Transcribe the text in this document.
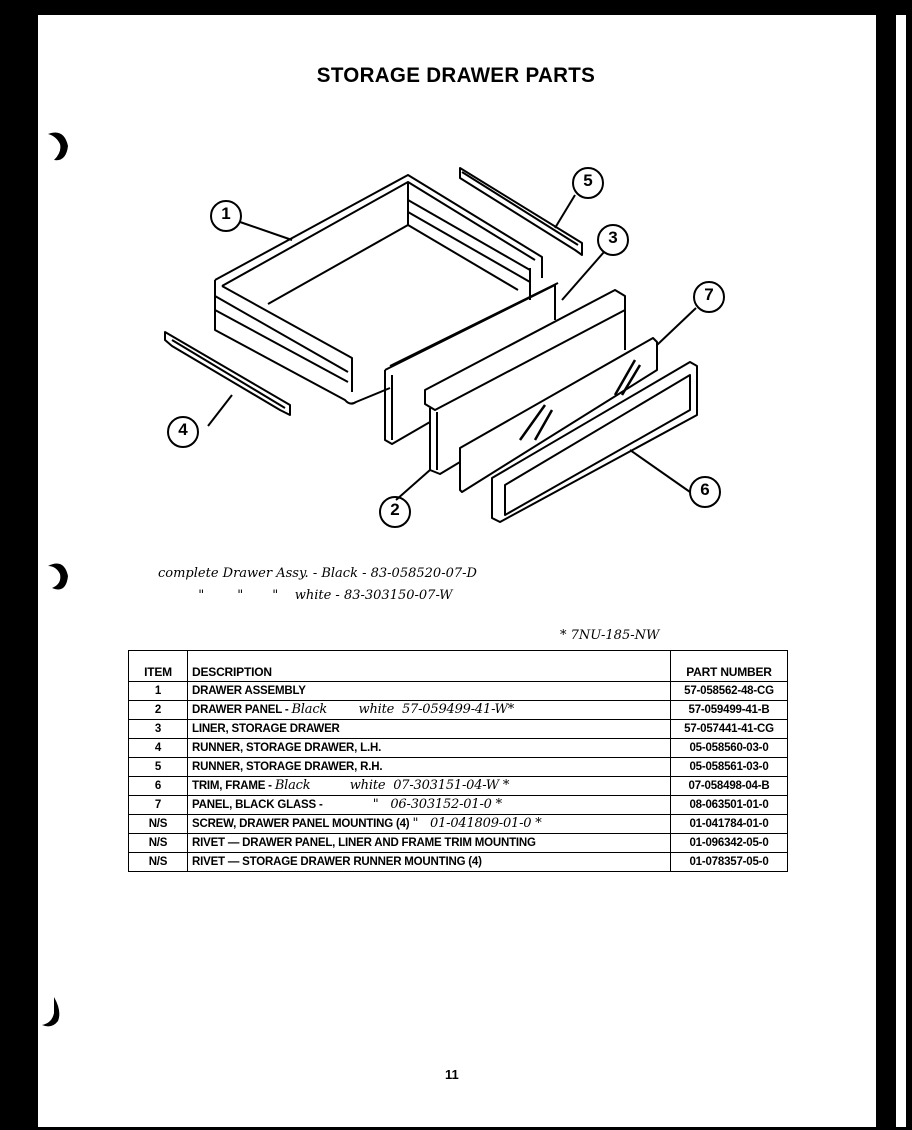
STORAGE DRAWER PARTS
1
2
3
4
5
6
7
complete Drawer Assy. - Black - 83-058520-07-D
"        "       "    white - 83-303150-07-W
* 7NU-185-NW
ITEM	DESCRIPTION	PART NUMBER
1	DRAWER ASSEMBLY	57-058562-48-CG
2	DRAWER PANEL - Black        white  57-059499-41-W*	57-059499-41-B
3	LINER, STORAGE DRAWER	57-057441-41-CG
4	RUNNER, STORAGE DRAWER, L.H.	05-058560-03-0
5	RUNNER, STORAGE DRAWER, R.H.	05-058561-03-0
6	TRIM, FRAME - Black          white  07-303151-04-W *	07-058498-04-B
7	PANEL, BLACK GLASS -             "   06-303152-01-0 *	08-063501-01-0
N/S	SCREW, DRAWER PANEL MOUNTING (4) "   01-041809-01-0 *	01-041784-01-0
N/S	RIVET — DRAWER PANEL, LINER AND FRAME TRIM MOUNTING	01-096342-05-0
N/S	RIVET — STORAGE DRAWER RUNNER MOUNTING (4)	01-078357-05-0
11
